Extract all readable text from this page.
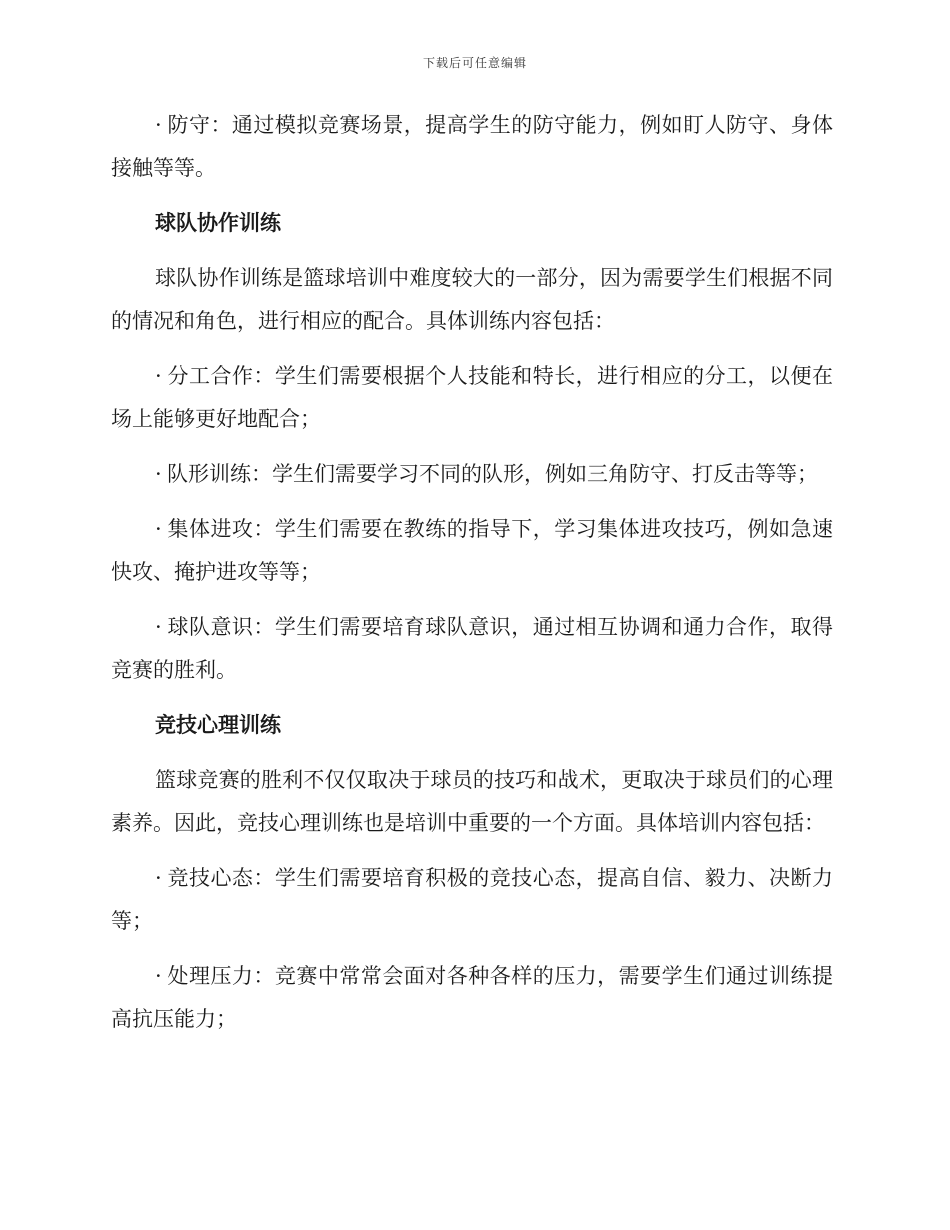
下载后可任意编辑

· 防守：通过模拟竞赛场景，提高学生的防守能力，例如盯人防守、身体接触等等。

球队协作训练

球队协作训练是篮球培训中难度较大的一部分，因为需要学生们根据不同的情况和角色，进行相应的配合。具体训练内容包括：

· 分工合作：学生们需要根据个人技能和特长，进行相应的分工，以便在场上能够更好地配合；

· 队形训练：学生们需要学习不同的队形，例如三角防守、打反击等等；

· 集体进攻：学生们需要在教练的指导下，学习集体进攻技巧，例如急速快攻、掩护进攻等等；

· 球队意识：学生们需要培育球队意识，通过相互协调和通力合作，取得竞赛的胜利。

竞技心理训练

篮球竞赛的胜利不仅仅取决于球员的技巧和战术，更取决于球员们的心理素养。因此，竞技心理训练也是培训中重要的一个方面。具体培训内容包括：

· 竞技心态：学生们需要培育积极的竞技心态，提高自信、毅力、决断力等；

· 处理压力：竞赛中常常会面对各种各样的压力，需要学生们通过训练提高抗压能力；
